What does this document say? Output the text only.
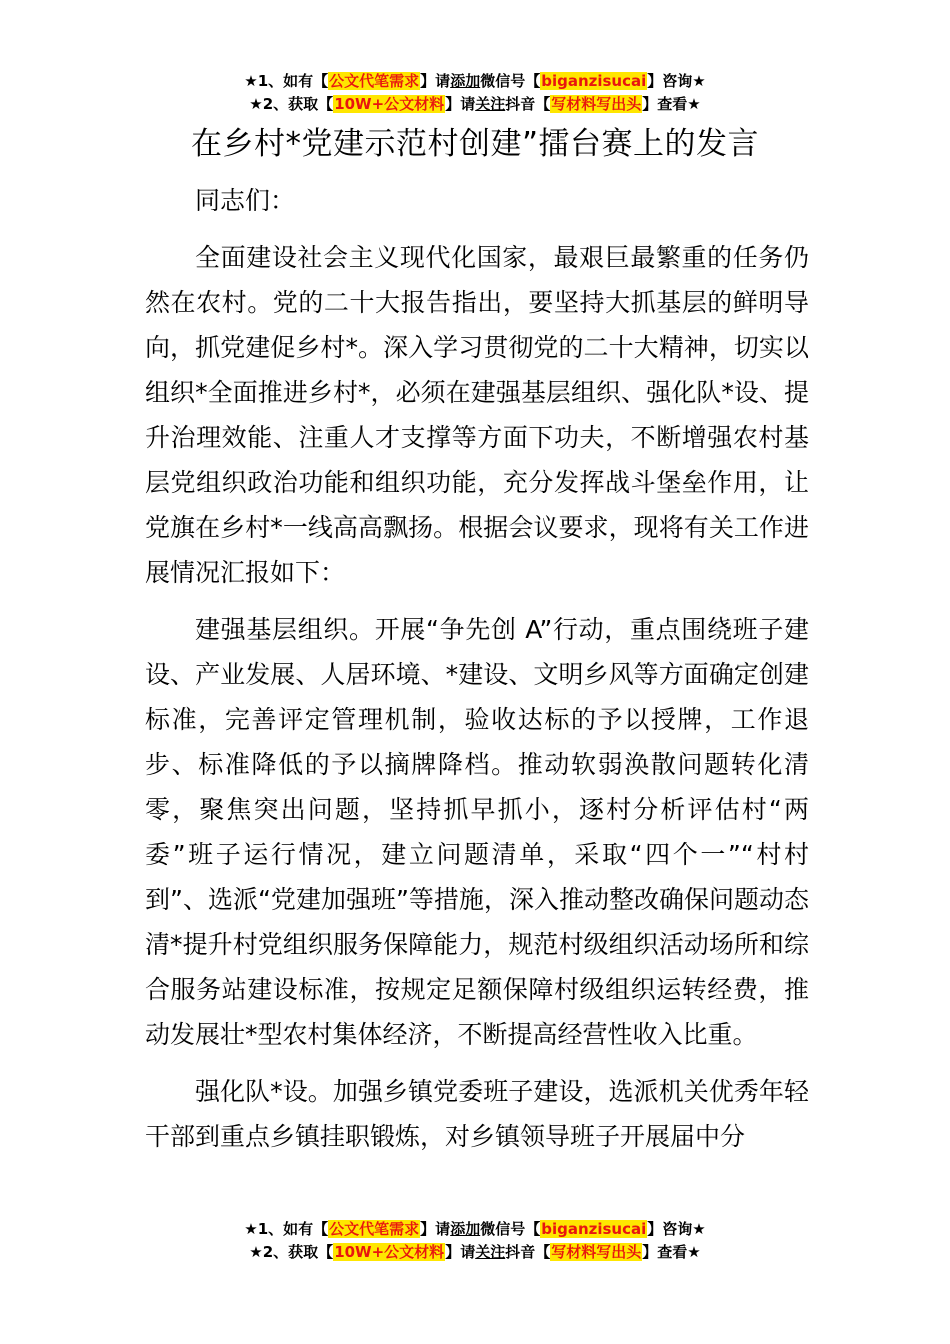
★1、如有【公文代笔需求】请添加微信号【biganzisucai】咨询★
★2、获取【10W+公文材料】请关注抖音【写材料写出头】查看★
在乡村*党建示范村创建”擂台赛上的发言

同志们：

全面建设社会主义现代化国家，最艰巨最繁重的任务仍然在农村。党的二十大报告指出，要坚持大抓基层的鲜明导向，抓党建促乡村*。深入学习贯彻党的二十大精神，切实以组织*全面推进乡村*，必须在建强基层组织、强化队*设、提升治理效能、注重人才支撑等方面下功夫，不断增强农村基层党组织政治功能和组织功能，充分发挥战斗堡垒作用，让党旗在乡村*一线高高飘扬。根据会议要求，现将有关工作进展情况汇报如下：

建强基层组织。开展“争先创 A”行动，重点围绕班子建设、产业发展、人居环境、*建设、文明乡风等方面确定创建标准，完善评定管理机制，验收达标的予以授牌，工作退步、标准降低的予以摘牌降档。推动软弱涣散问题转化清零，聚焦突出问题，坚持抓早抓小，逐村分析评估村“两委”班子运行情况，建立问题清单，采取“四个一”“村村到”、选派“党建加强班”等措施，深入推动整改确保问题动态清*提升村党组织服务保障能力，规范村级组织活动场所和综合服务站建设标准，按规定足额保障村级组织运转经费，推动发展壮*型农村集体经济，不断提高经营性收入比重。

强化队*设。加强乡镇党委班子建设，选派机关优秀年轻干部到重点乡镇挂职锻炼，对乡镇领导班子开展届中分

★1、如有【公文代笔需求】请添加微信号【biganzisucai】咨询★
★2、获取【10W+公文材料】请关注抖音【写材料写出头】查看★
